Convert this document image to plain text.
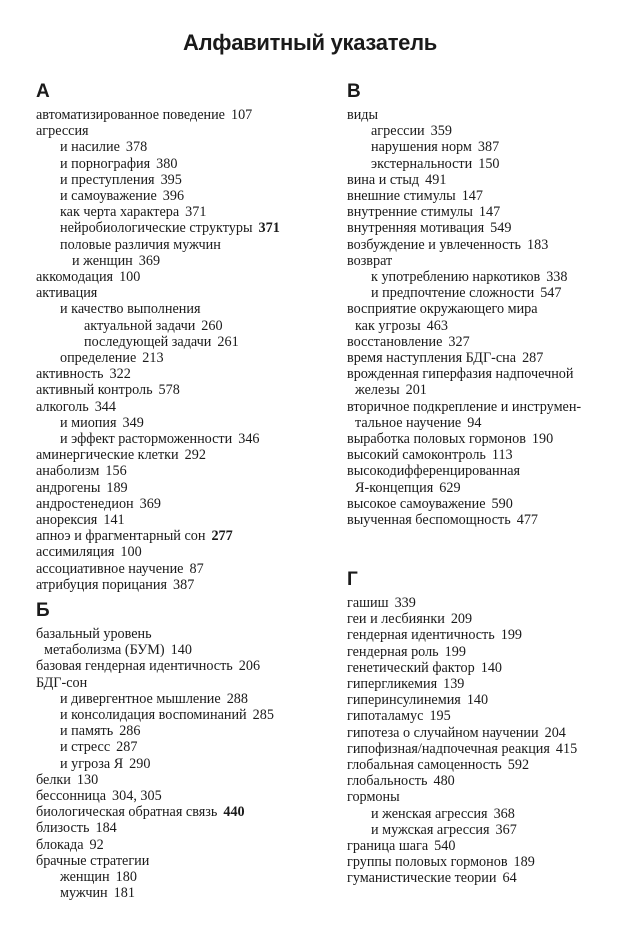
Алфавитный указатель
А
автоматизированное поведение 107
агрессия
и насилие 378
и порнография 380
и преступления 395
и самоуважение 396
как черта характера 371
нейробиологические структуры 371
половые различия мужчин
и женщин 369
аккомодация 100
активация
и качество выполнения
актуальной задачи 260
последующей задачи 261
определение 213
активность 322
активный контроль 578
алкоголь 344
и миопия 349
и эффект расторможенности 346
аминергические клетки 292
анаболизм 156
андрогены 189
андростенедион 369
анорексия 141
апноэ и фрагментарный сон 277
ассимиляция 100
ассоциативное научение 87
атрибуция порицания 387
Б
базальный уровень
метаболизма (БУМ) 140
базовая гендерная идентичность 206
БДГ-сон
и дивергентное мышление 288
и консолидация воспоминаний 285
и память 286
и стресс 287
и угроза Я 290
белки 130
бессонница 304, 305
биологическая обратная связь 440
близость 184
блокада 92
брачные стратегии
женщин 180
мужчин 181
В
виды
агрессии 359
нарушения норм 387
экстернальности 150
вина и стыд 491
внешние стимулы 147
внутренние стимулы 147
внутренняя мотивация 549
возбуждение и увлеченность 183
возврат
к употреблению наркотиков 338
и предпочтение сложности 547
восприятие окружающего мира
как угрозы 463
восстановление 327
время наступления БДГ-сна 287
врожденная гиперфазия надпочечной
железы 201
вторичное подкрепление и инструмен-
тальное научение 94
выработка половых гормонов 190
высокий самоконтроль 113
высокодифференцированная
Я-концепция 629
высокое самоуважение 590
выученная беспомощность 477
Г
гашиш 339
геи и лесбиянки 209
гендерная идентичность 199
гендерная роль 199
генетический фактор 140
гипергликемия 139
гиперинсулинемия 140
гипоталамус 195
гипотеза о случайном научении 204
гипофизная/надпочечная реакция 415
глобальная самоценность 592
глобальность 480
гормоны
и женская агрессия 368
и мужская агрессия 367
граница шага 540
группы половых гормонов 189
гуманистические теории 64
